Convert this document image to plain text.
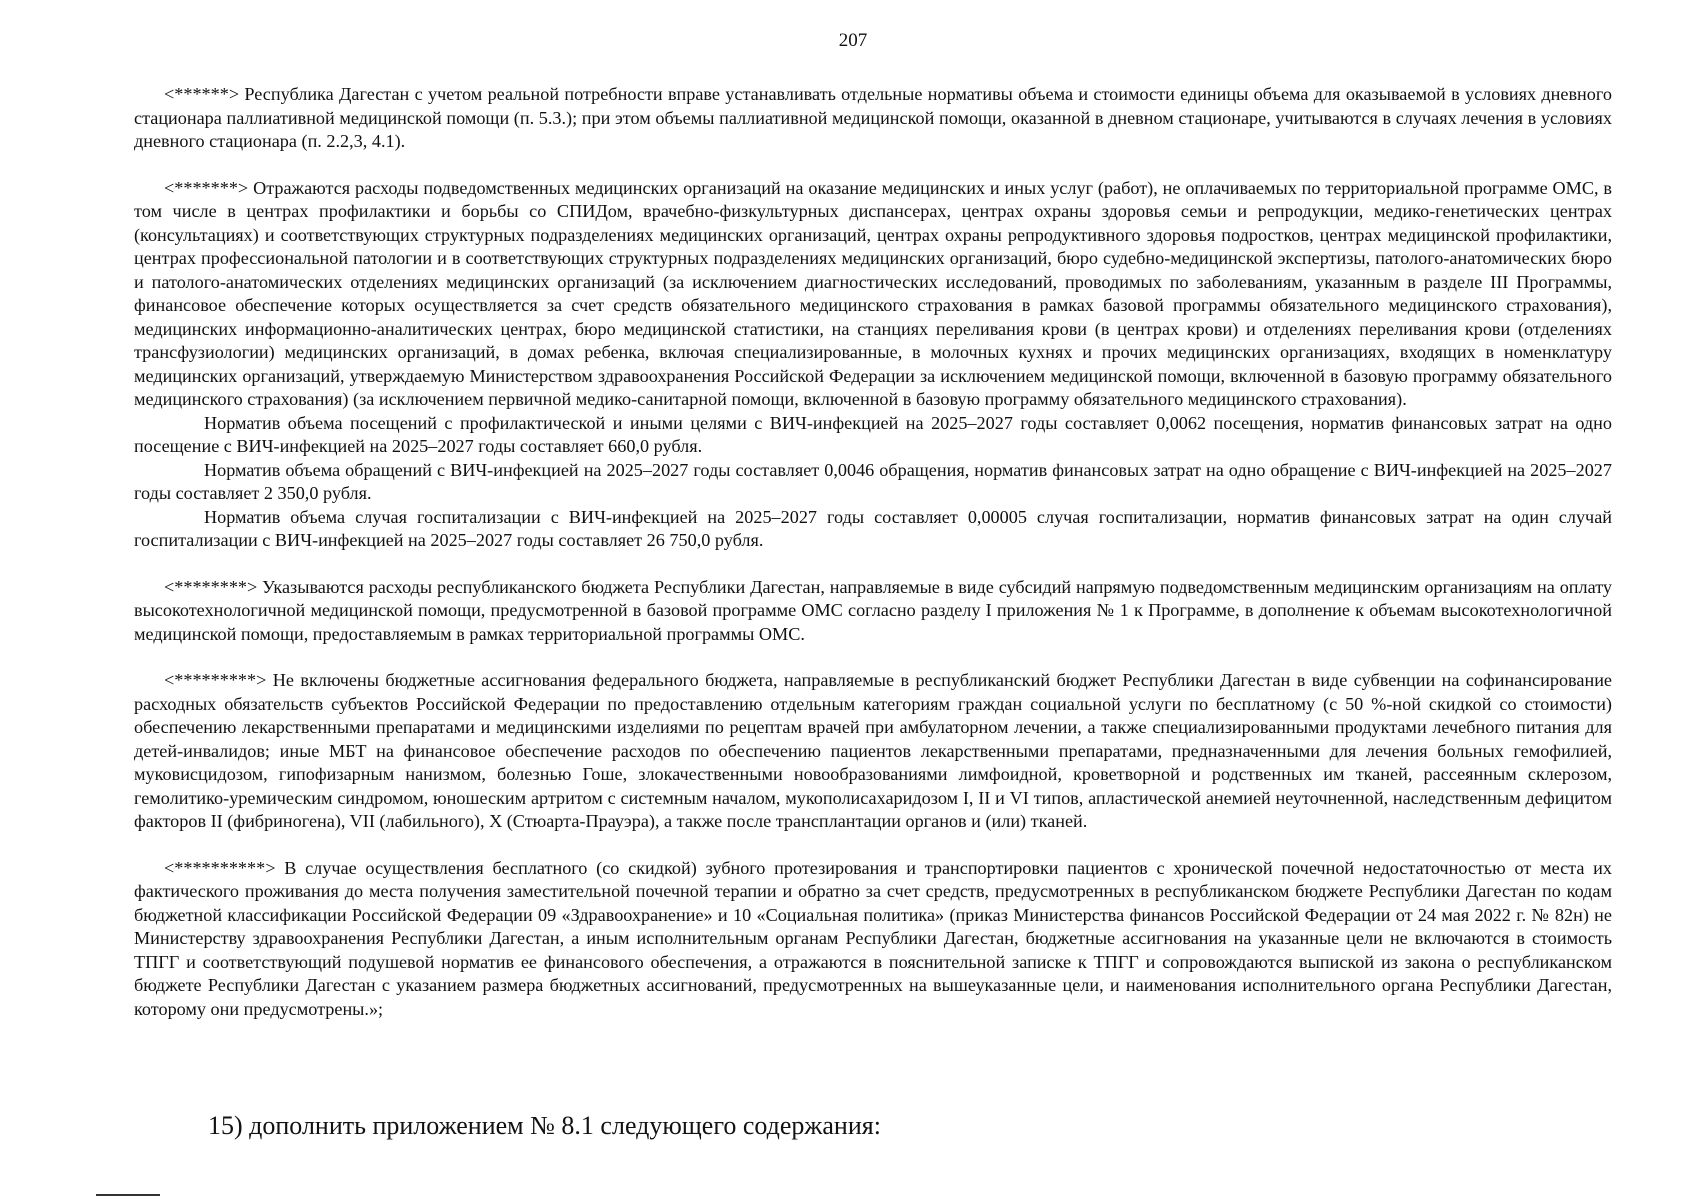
207

<******> Республика Дагестан с учетом реальной потребности вправе устанавливать отдельные нормативы объема и стоимости единицы объема для оказываемой в условиях дневного стационара паллиативной медицинской помощи (п. 5.3.); при этом объемы паллиативной медицинской помощи, оказанной в дневном стационаре, учитываются в случаях лечения в условиях дневного стационара (п. 2.2,3, 4.1).

<*******> Отражаются расходы подведомственных медицинских организаций на оказание медицинских и иных услуг (работ), не оплачиваемых по территориальной программе ОМС, в том числе в центрах профилактики и борьбы со СПИДом, врачебно-физкультурных диспансерах, центрах охраны здоровья семьи и репродукции, медико-генетических центрах (консультациях) и соответствующих структурных подразделениях медицинских организаций, центрах охраны репродуктивного здоровья подростков, центрах медицинской профилактики, центрах профессиональной патологии и в соответствующих структурных подразделениях медицинских организаций, бюро судебно-медицинской экспертизы, патолого-анатомических бюро и патолого-анатомических отделениях медицинских организаций (за исключением диагностических исследований, проводимых по заболеваниям, указанным в разделе III Программы, финансовое обеспечение которых осуществляется за счет средств обязательного медицинского страхования в рамках базовой программы обязательного медицинского страхования), медицинских информационно-аналитических центрах, бюро медицинской статистики, на станциях переливания крови (в центрах крови) и отделениях переливания крови (отделениях трансфузиологии) медицинских организаций, в домах ребенка, включая специализированные, в молочных кухнях и прочих медицинских организациях, входящих в номенклатуру медицинских организаций, утверждаемую Министерством здравоохранения Российской Федерации за исключением медицинской помощи, включенной в базовую программу обязательного медицинского страхования) (за исключением первичной медико-санитарной помощи, включенной в базовую программу обязательного медицинского страхования).

Норматив объема посещений с профилактической и иными целями с ВИЧ-инфекцией на 2025–2027 годы составляет 0,0062 посещения, норматив финансовых затрат на одно посещение с ВИЧ-инфекцией на 2025–2027 годы составляет 660,0 рубля.

Норматив объема обращений с ВИЧ-инфекцией на 2025–2027 годы составляет 0,0046 обращения, норматив финансовых затрат на одно обращение с ВИЧ-инфекцией на 2025–2027 годы составляет 2 350,0 рубля.

Норматив объема случая госпитализации с ВИЧ-инфекцией на 2025–2027 годы составляет 0,00005 случая госпитализации, норматив финансовых затрат на один случай госпитализации с ВИЧ-инфекцией на 2025–2027 годы составляет 26 750,0 рубля.

<********> Указываются расходы республиканского бюджета Республики Дагестан, направляемые в виде субсидий напрямую подведомственным медицинским организациям на оплату высокотехнологичной медицинской помощи, предусмотренной в базовой программе ОМС согласно разделу I приложения № 1 к Программе, в дополнение к объемам высокотехнологичной медицинской помощи, предоставляемым в рамках территориальной программы ОМС.

<*********> Не включены бюджетные ассигнования федерального бюджета, направляемые в республиканский бюджет Республики Дагестан в виде субвенции на софинансирование расходных обязательств субъектов Российской Федерации по предоставлению отдельным категориям граждан социальной услуги по бесплатному (с 50 %-ной скидкой со стоимости) обеспечению лекарственными препаратами и медицинскими изделиями по рецептам врачей при амбулаторном лечении, а также специализированными продуктами лечебного питания для детей-инвалидов; иные МБТ на финансовое обеспечение расходов по обеспечению пациентов лекарственными препаратами, предназначенными для лечения больных гемофилией, муковисцидозом, гипофизарным нанизмом, болезнью Гоше, злокачественными новообразованиями лимфоидной, кроветворной и родственных им тканей, рассеянным склерозом, гемолитико-уремическим синдромом, юношеским артритом с системным началом, мукополисахаридозом I, II и VI типов, апластической анемией неуточненной, наследственным дефицитом факторов II (фибриногена), VII (лабильного), X (Стюарта-Прауэра), а также после трансплантации органов и (или) тканей.

<**********> В случае осуществления бесплатного (со скидкой) зубного протезирования и транспортировки пациентов с хронической почечной недостаточностью от места их фактического проживания до места получения заместительной почечной терапии и обратно за счет средств, предусмотренных в республиканском бюджете Республики Дагестан по кодам бюджетной классификации Российской Федерации 09 «Здравоохранение» и 10 «Социальная политика» (приказ Министерства финансов Российской Федерации от 24 мая 2022 г. № 82н) не Министерству здравоохранения Республики Дагестан, а иным исполнительным органам Республики Дагестан, бюджетные ассигнования на указанные цели не включаются в стоимость ТПГГ и соответствующий подушевой норматив ее финансового обеспечения, а отражаются в пояснительной записке к ТПГГ и сопровождаются выпиской из закона о республиканском бюджете Республики Дагестан с указанием размера бюджетных ассигнований, предусмотренных на вышеуказанные цели, и наименования исполнительного органа Республики Дагестан, которому они предусмотрены.»;

15) дополнить приложением № 8.1 следующего содержания:
